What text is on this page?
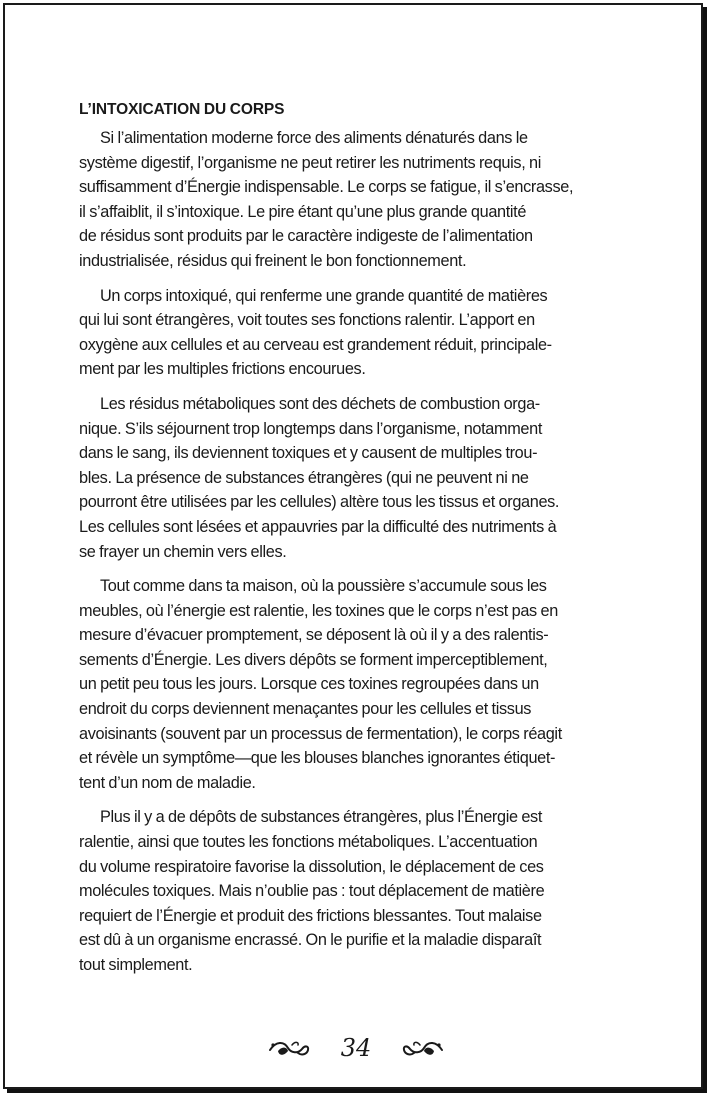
L’INTOXICATION DU CORPS
Si l’alimentation moderne force des aliments dénaturés dans le
système digestif, l’organisme ne peut retirer les nutriments requis, ni
suffisamment d’Énergie indispensable. Le corps se fatigue, il s’encrasse,
il s’affaiblit, il s’intoxique. Le pire étant qu’une plus grande quantité
de résidus sont produits par le caractère indigeste de l’alimentation
industrialisée, résidus qui freinent le bon fonctionnement.
Un corps intoxiqué, qui renferme une grande quantité de matières
qui lui sont étrangères, voit toutes ses fonctions ralentir. L’apport en
oxygène aux cellules et au cerveau est grandement réduit, principale-
ment par les multiples frictions encourues.
Les résidus métaboliques sont des déchets de combustion orga-
nique. S’ils séjournent trop longtemps dans l’organisme, notamment
dans le sang, ils deviennent toxiques et y causent de multiples trou-
bles. La présence de substances étrangères (qui ne peuvent ni ne
pourront être utilisées par les cellules) altère tous les tissus et organes.
Les cellules sont lésées et appauvries par la difficulté des nutriments à
se frayer un chemin vers elles.
Tout comme dans ta maison, où la poussière s’accumule sous les
meubles, où l’énergie est ralentie, les toxines que le corps n’est pas en
mesure d’évacuer promptement, se déposent là où il y a des ralentis-
sements d’Énergie. Les divers dépôts se forment imperceptiblement,
un petit peu tous les jours. Lorsque ces toxines regroupées dans un
endroit du corps deviennent menaçantes pour les cellules et tissus
avoisinants (souvent par un processus de fermentation), le corps réagit
et révèle un symptôme—que les blouses blanches ignorantes étiquet-
tent d’un nom de maladie.
Plus il y a de dépôts de substances étrangères, plus l’Énergie est
ralentie, ainsi que toutes les fonctions métaboliques. L’accentuation
du volume respiratoire favorise la dissolution, le déplacement de ces
molécules toxiques. Mais n’oublie pas : tout déplacement de matière
requiert de l’Énergie et produit des frictions blessantes. Tout malaise
est dû à un organisme encrassé. On le purifie et la maladie disparaît
tout simplement.
34
